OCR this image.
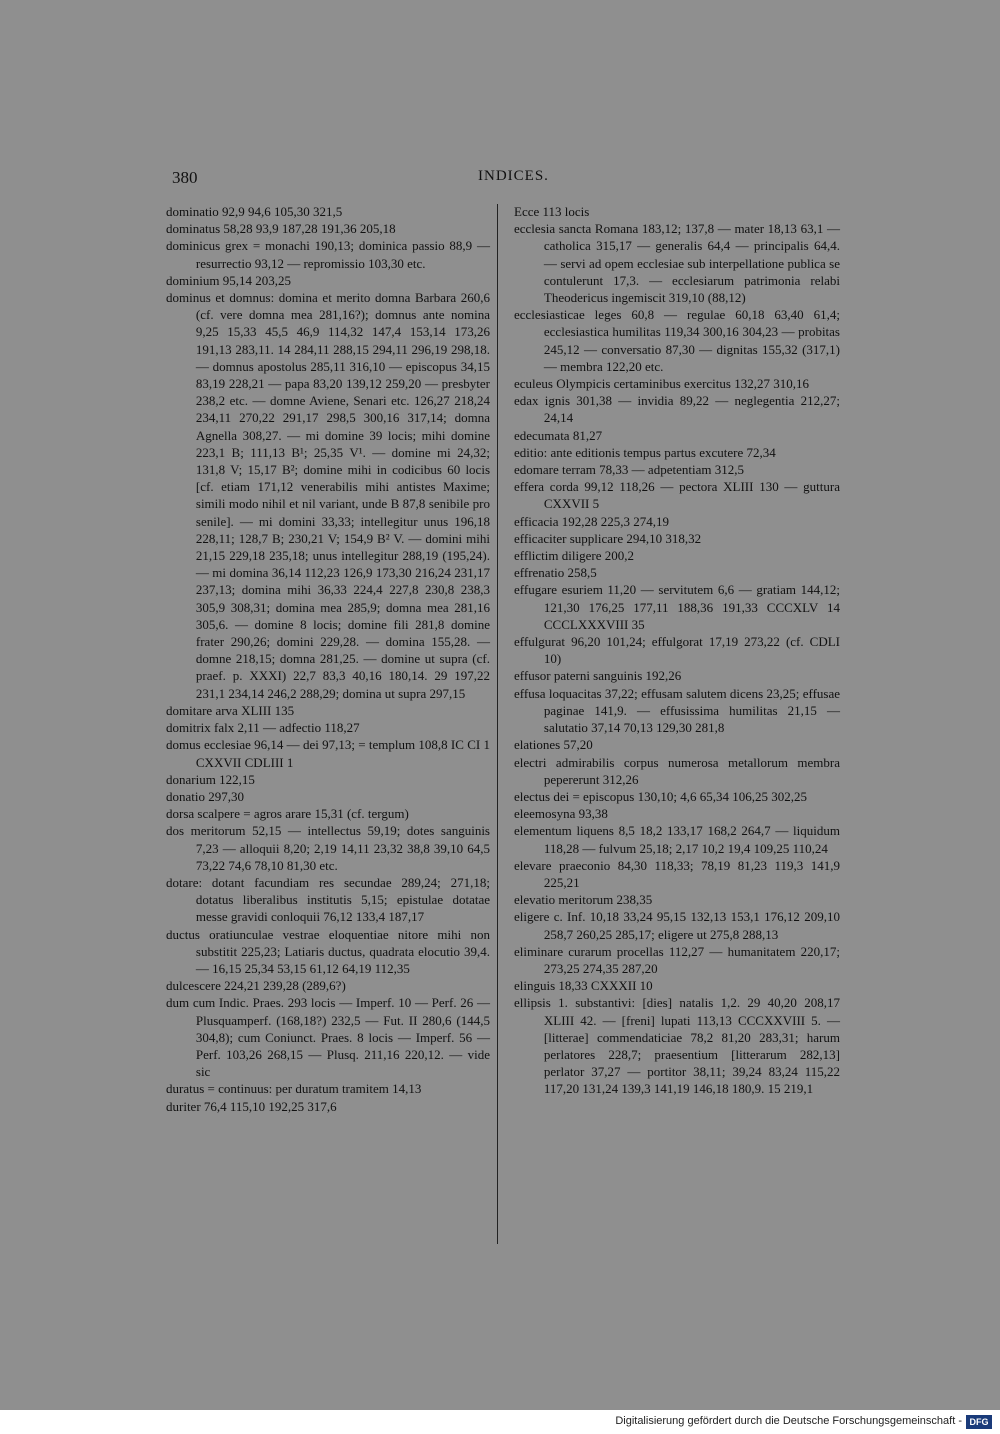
380	INDICES.

dominatio 92,9 94,6 105,30 321,5

dominatus 58,28 93,9 187,28 191,36 205,18

dominicus grex = monachi 190,13; dominica passio 88,9 — resurrectio 93,12 — repromissio 103,30 etc.

dominium 95,14 203,25

dominus et domnus: domina et merito domna Barbara 260,6 (cf. vere domna mea 281,16?); domnus ante nomina 9,25 15,33 45,5 46,9 114,32 147,4 153,14 173,26 191,13 283,11. 14 284,11 288,15 294,11 296,19 298,18. — domnus apostolus 285,11 316,10 — episcopus 34,15 83,19 228,21 — papa 83,20 139,12 259,20 — presbyter 238,2 etc. — domne Aviene, Senari etc. 126,27 218,24 234,11 270,22 291,17 298,5 300,16 317,14; domna Agnella 308,27. — mi domine 39 locis; mihi domine 223,1 B; 111,13 B¹; 25,35 V¹. — domine mi 24,32; 131,8 V; 15,17 B²; domine mihi in codicibus 60 locis [cf. etiam 171,12 venerabilis mihi antistes Maxime; simili modo nihil et nil variant, unde B 87,8 senibile pro senile]. — mi domini 33,33; intellegitur unus 196,18 228,11; 128,7 B; 230,21 V; 154,9 B² V. — domini mihi 21,15 229,18 235,18; unus intellegitur 288,19 (195,24). — mi domina 36,14 112,23 126,9 173,30 216,24 231,17 237,13; domina mihi 36,33 224,4 227,8 230,8 238,3 305,9 308,31; domina mea 285,9; domna mea 281,16 305,6. — domine 8 locis; domine fili 281,8 domine frater 290,26; domini 229,28. — domina 155,28. — domne 218,15; domna 281,25. — domine ut supra (cf. praef. p. XXXI) 22,7 83,3 40,16 180,14. 29 197,22 231,1 234,14 246,2 288,29; domina ut supra 297,15

domitare arva XLIII 135

domitrix falx 2,11 — adfectio 118,27

domus ecclesiae 96,14 — dei 97,13; = templum 108,8 IC CI 1 CXXVII CDLIII 1

donarium 122,15

donatio 297,30

dorsa scalpere = agros arare 15,31 (cf. tergum)

dos meritorum 52,15 — intellectus 59,19; dotes sanguinis 7,23 — alloquii 8,20; 2,19 14,11 23,32 38,8 39,10 64,5 73,22 74,6 78,10 81,30 etc.

dotare: dotant facundiam res secundae 289,24; 271,18; dotatus liberalibus institutis 5,15; epistulae dotatae messe gravidi conloquii 76,12 133,4 187,17

ductus oratiunculae vestrae eloquentiae nitore mihi non substitit 225,23; Latiaris ductus, quadrata elocutio 39,4. — 16,15 25,34 53,15 61,12 64,19 112,35

dulcescere 224,21 239,28 (289,6?)

dum cum Indic. Praes. 293 locis — Imperf. 10 — Perf. 26 — Plusquamperf. (168,18?) 232,5 — Fut. II 280,6 (144,5 304,8); cum Coniunct. Praes. 8 locis — Imperf. 56 — Perf. 103,26 268,15 — Plusq. 211,16 220,12. — vide sic

duratus = continuus: per duratum tramitem 14,13

duriter 76,4 115,10 192,25 317,6

Ecce 113 locis

ecclesia sancta Romana 183,12; 137,8 — mater 18,13 63,1 — catholica 315,17 — generalis 64,4 — principalis 64,4. — servi ad opem ecclesiae sub interpellatione publica se contulerunt 17,3. — ecclesiarum patrimonia relabi Theodericus ingemiscit 319,10 (88,12)

ecclesiasticae leges 60,8 — regulae 60,18 63,40 61,4; ecclesiastica humilitas 119,34 300,16 304,23 — probitas 245,12 — conversatio 87,30 — dignitas 155,32 (317,1) — membra 122,20 etc.

eculeus Olympicis certaminibus exercitus 132,27 310,16

edax ignis 301,38 — invidia 89,22 — neglegentia 212,27; 24,14

edecumata 81,27

editio: ante editionis tempus partus excutere 72,34

edomare terram 78,33 — adpetentiam 312,5

effera corda 99,12 118,26 — pectora XLIII 130 — guttura CXXVII 5

efficacia 192,28 225,3 274,19

efficaciter supplicare 294,10 318,32

efflictim diligere 200,2

effrenatio 258,5

effugare esuriem 11,20 — servitutem 6,6 — gratiam 144,12; 121,30 176,25 177,11 188,36 191,33 CCCXLV 14 CCCLXXXVIII 35

effulgurat 96,20 101,24; effulgorat 17,19 273,22 (cf. CDLI 10)

effusor paterni sanguinis 192,26

effusa loquacitas 37,22; effusam salutem dicens 23,25; effusae paginae 141,9. — effusissima humilitas 21,15 — salutatio 37,14 70,13 129,30 281,8

elationes 57,20

electri admirabilis corpus numerosa metallorum membra pepererunt 312,26

electus dei = episcopus 130,10; 4,6 65,34 106,25 302,25

eleemosyna 93,38

elementum liquens 8,5 18,2 133,17 168,2 264,7 — liquidum 118,28 — fulvum 25,18; 2,17 10,2 19,4 109,25 110,24

elevare praeconio 84,30 118,33; 78,19 81,23 119,3 141,9 225,21

elevatio meritorum 238,35

eligere c. Inf. 10,18 33,24 95,15 132,13 153,1 176,12 209,10 258,7 260,25 285,17; eligere ut 275,8 288,13

eliminare curarum procellas 112,27 — humanitatem 220,17; 273,25 274,35 287,20

elinguis 18,33 CXXXII 10

ellipsis 1. substantivi: [dies] natalis 1,2. 29 40,20 208,17 XLIII 42. — [freni] lupati 113,13 CCCXXVIII 5. — [litterae] commendaticiae 78,2 81,20 283,31; harum perlatores 228,7; praesentium [litterarum 282,13] perlator 37,27 — portitor 38,11; 39,24 83,24 115,22 117,20 131,24 139,3 141,19 146,18 180,9. 15 219,1

Digitalisierung gefördert durch die Deutsche Forschungsgemeinschaft - DFG
